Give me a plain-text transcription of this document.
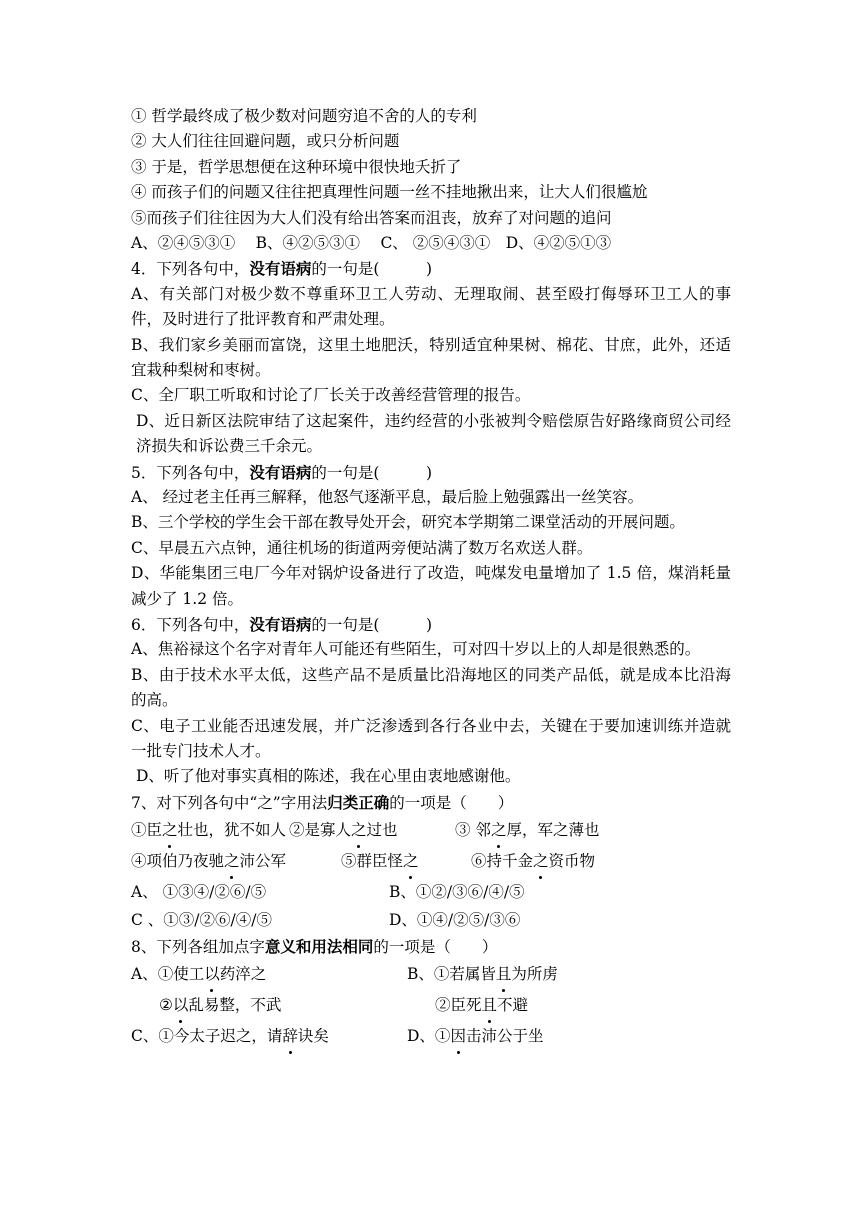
① 哲学最终成了极少数对问题穷追不舍的人的专利
② 大人们往往回避问题，或只分析问题
③ 于是，哲学思想便在这种环境中很快地夭折了
④ 而孩子们的问题又往往把真理性问题一丝不挂地揪出来，让大人们很尴尬
⑤而孩子们往往因为大人们没有给出答案而沮丧，放弃了对问题的追问
A、②④⑤③①　 B、④②⑤③①　 C、 ②⑤④③①　D、④②⑤①③
4．下列各句中，没有语病的一句是(　　　)
A、有关部门对极少数不尊重环卫工人劳动、无理取闹、甚至殴打侮辱环卫工人的事件，及时进行了批评教育和严肃处理。
B、我们家乡美丽而富饶，这里土地肥沃，特别适宜种果树、棉花、甘庶，此外，还适宜栽种梨树和枣树。
C、全厂职工听取和讨论了厂长关于改善经营管理的报告。
D、近日新区法院审结了这起案件，违约经营的小张被判令赔偿原告好路缘商贸公司经济损失和诉讼费三千余元。
5．下列各句中，没有语病的一句是(　　　)
A、 经过老主任再三解释，他怒气逐渐平息，最后脸上勉强露出一丝笑容。
B、三个学校的学生会干部在教导处开会，研究本学期第二课堂活动的开展问题。
C、早晨五六点钟，通往机场的街道两旁便站满了数万名欢送人群。
D、华能集团三电厂今年对锅炉设备进行了改造，吨煤发电量增加了 1.5 倍，煤消耗量减少了 1.2 倍。
6．下列各句中，没有语病的一句是(　　　)
A、焦裕禄这个名字对青年人可能还有些陌生，可对四十岁以上的人却是很熟悉的。
B、由于技术水平太低，这些产品不是质量比沿海地区的同类产品低，就是成本比沿海的高。
C、电子工业能否迅速发展，并广泛渗透到各行各业中去，关键在于要加速训练并造就一批专门技术人才。
D、听了他对事实真相的陈述，我在心里由衷地感谢他。
7、对下列各句中“之”字用法归类正确的一项是（　　）
①臣之壮也，犹不如人 ②是寡人之过也	③ 邻之厚，军之薄也
④项伯乃夜驰之沛公军	⑤群臣怪之	⑥持千金之资币物
A、 ①③④/②⑥/⑤	B、①②/③⑥/④/⑤
C 、①③/②⑥/④/⑤	D、①④/②⑤/③⑥
8、下列各组加点字意义和用法相同的一项是（　　）
A、①使工以药淬之	B、①若属皆且为所虏
②以乱易整，不武	②臣死且不避
C、①今太子迟之，请辞诀矣	D、①因击沛公于坐
